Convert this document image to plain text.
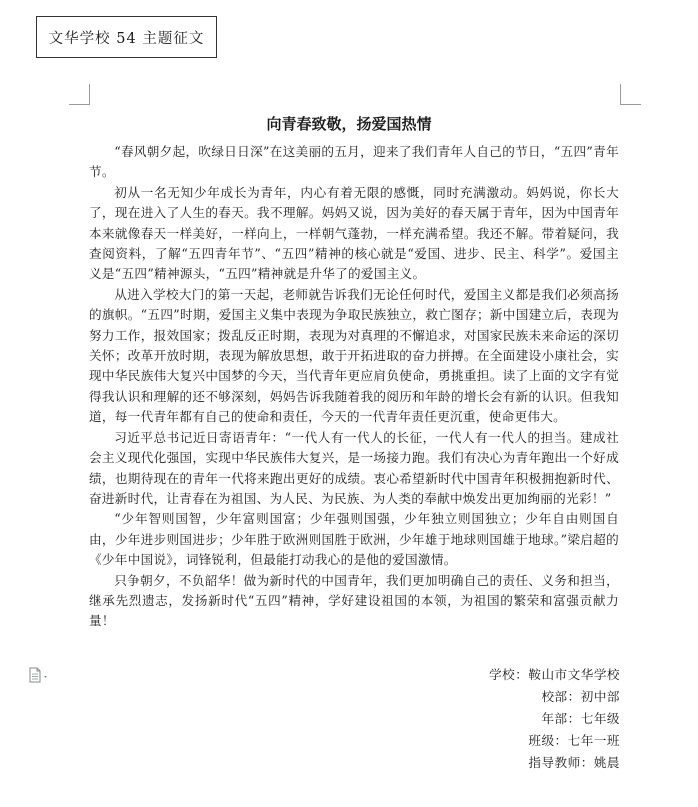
文华学校 54 主题征文
向青春致敬，扬爱国热情

“春风朝夕起，吹绿日日深”在这美丽的五月，迎来了我们青年人自己的节日，“五四”青年节。

初从一名无知少年成长为青年，内心有着无限的感慨，同时充满激动。妈妈说，你长大了，现在进入了人生的春天。我不理解。妈妈又说，因为美好的春天属于青年，因为中国青年本来就像春天一样美好，一样向上，一样朝气蓬勃，一样充满希望。我还不解。带着疑问，我查阅资料，了解“五四青年节”、“五四”精神的核心就是“爱国、进步、民主、科学”。爱国主义是“五四”精神源头，“五四”精神就是升华了的爱国主义。

从进入学校大门的第一天起，老师就告诉我们无论任何时代，爱国主义都是我们必须高扬的旗帜。“五四”时期，爱国主义集中表现为争取民族独立，救亡图存；新中国建立后，表现为努力工作，报效国家；拨乱反正时期，表现为对真理的不懈追求，对国家民族未来命运的深切关怀；改革开放时期，表现为解放思想，敢于开拓进取的奋力拼搏。在全面建设小康社会，实现中华民族伟大复兴中国梦的今天，当代青年更应肩负使命，勇挑重担。读了上面的文字有觉得我认识和理解的还不够深刻，妈妈告诉我随着我的阅历和年龄的增长会有新的认识。但我知道，每一代青年都有自己的使命和责任，今天的一代青年责任更沉重，使命更伟大。

习近平总书记近日寄语青年：“一代人有一代人的长征，一代人有一代人的担当。建成社会主义现代化强国，实现中华民族伟大复兴，是一场接力跑。我们有决心为青年跑出一个好成绩，也期待现在的青年一代将来跑出更好的成绩。衷心希望新时代中国青年积极拥抱新时代、奋进新时代，让青春在为祖国、为人民、为民族、为人类的奉献中焕发出更加绚丽的光彩！”

“少年智则国智，少年富则国富；少年强则国强，少年独立则国独立；少年自由则国自由，少年进步则国进步；少年胜于欧洲则国胜于欧洲，少年雄于地球则国雄于地球。”梁启超的《少年中国说》，词锋锐利，但最能打动我心的是他的爱国激情。

只争朝夕，不负韶华！做为新时代的中国青年，我们更加明确自己的责任、义务和担当，继承先烈遗志，发扬新时代“五四”精神，学好建设祖国的本领，为祖国的繁荣和富强贡献力量！

学校：鞍山市文华学校
校部：初中部
年部：七年级
班级：七年一班
指导教师：姚晨
